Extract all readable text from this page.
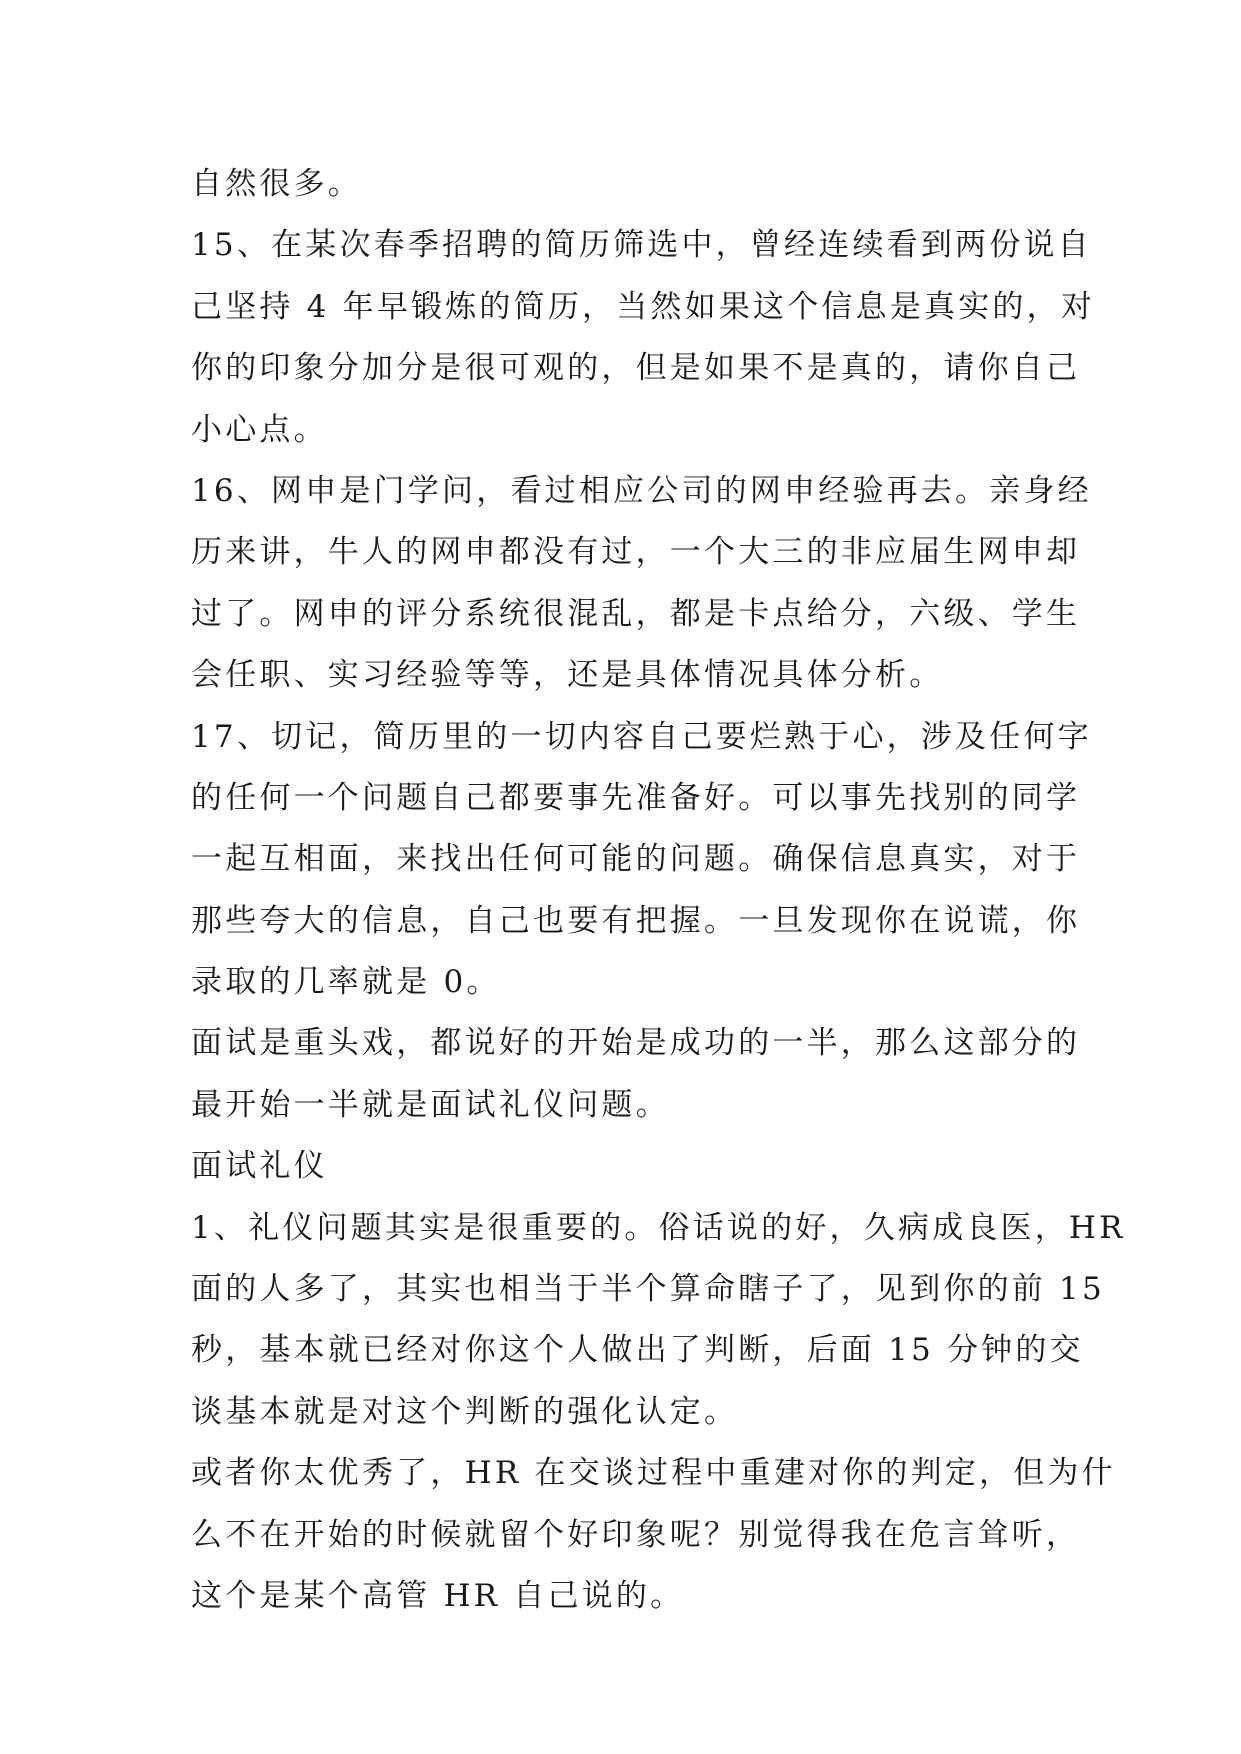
自然很多。
15、在某次春季招聘的简历筛选中，曾经连续看到两份说自
己坚持 4 年早锻炼的简历，当然如果这个信息是真实的，对
你的印象分加分是很可观的，但是如果不是真的，请你自己
小心点。
16、网申是门学问，看过相应公司的网申经验再去。亲身经
历来讲，牛人的网申都没有过，一个大三的非应届生网申却
过了。网申的评分系统很混乱，都是卡点给分，六级、学生
会任职、实习经验等等，还是具体情况具体分析。
17、切记，简历里的一切内容自己要烂熟于心，涉及任何字
的任何一个问题自己都要事先准备好。可以事先找别的同学
一起互相面，来找出任何可能的问题。确保信息真实，对于
那些夸大的信息，自己也要有把握。一旦发现你在说谎，你
录取的几率就是 0。
面试是重头戏，都说好的开始是成功的一半，那么这部分的
最开始一半就是面试礼仪问题。
面试礼仪
1、礼仪问题其实是很重要的。俗话说的好，久病成良医，HR
面的人多了，其实也相当于半个算命瞎子了，见到你的前 15
秒，基本就已经对你这个人做出了判断，后面 15 分钟的交
谈基本就是对这个判断的强化认定。
或者你太优秀了，HR 在交谈过程中重建对你的判定，但为什
么不在开始的时候就留个好印象呢？别觉得我在危言耸听，
这个是某个高管 HR 自己说的。
